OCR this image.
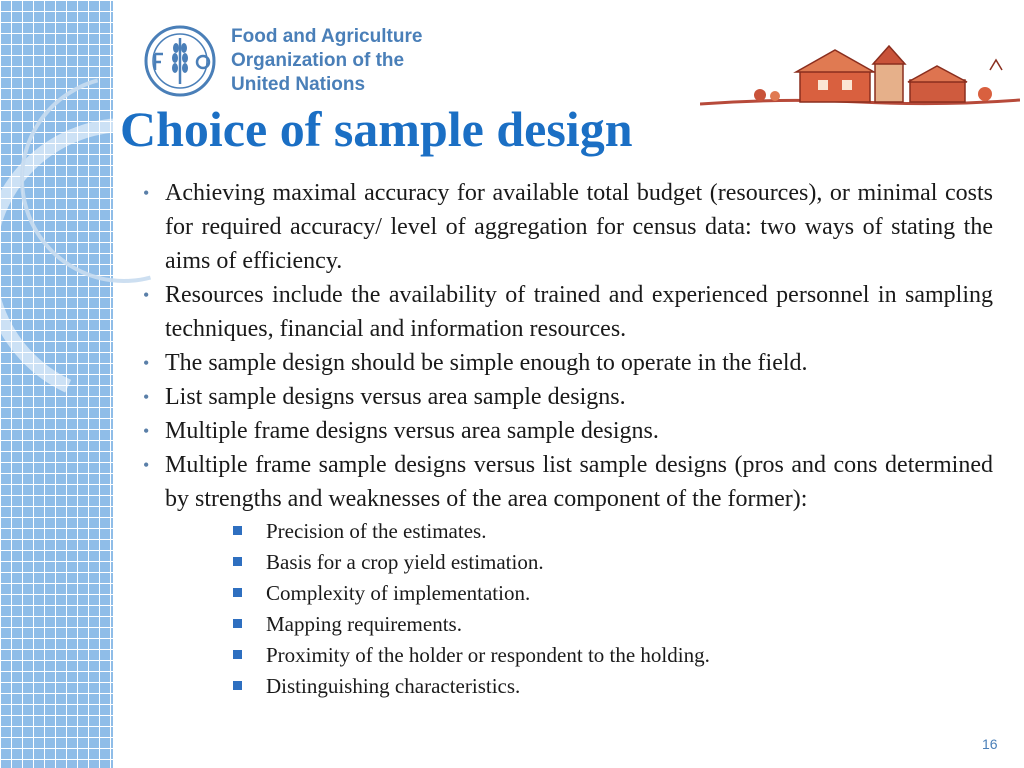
Food and Agriculture
Organization of the
United Nations
Choice of sample design
• Achieving maximal accuracy for available total budget (resources), or minimal costs for required accuracy/ level of aggregation for census data: two ways of stating the aims of efficiency.
• Resources include the availability of trained and experienced personnel in sampling techniques, financial and information resources.
• The sample design should be simple enough to operate in the field.
• List sample designs versus area sample designs.
• Multiple frame designs versus area sample designs.
• Multiple frame sample designs versus list sample designs (pros and cons determined by strengths and weaknesses of the area component of the former):
Precision of the estimates.
Basis for a crop yield estimation.
Complexity of implementation.
Mapping requirements.
Proximity of the holder or respondent to the holding.
Distinguishing characteristics.
16
